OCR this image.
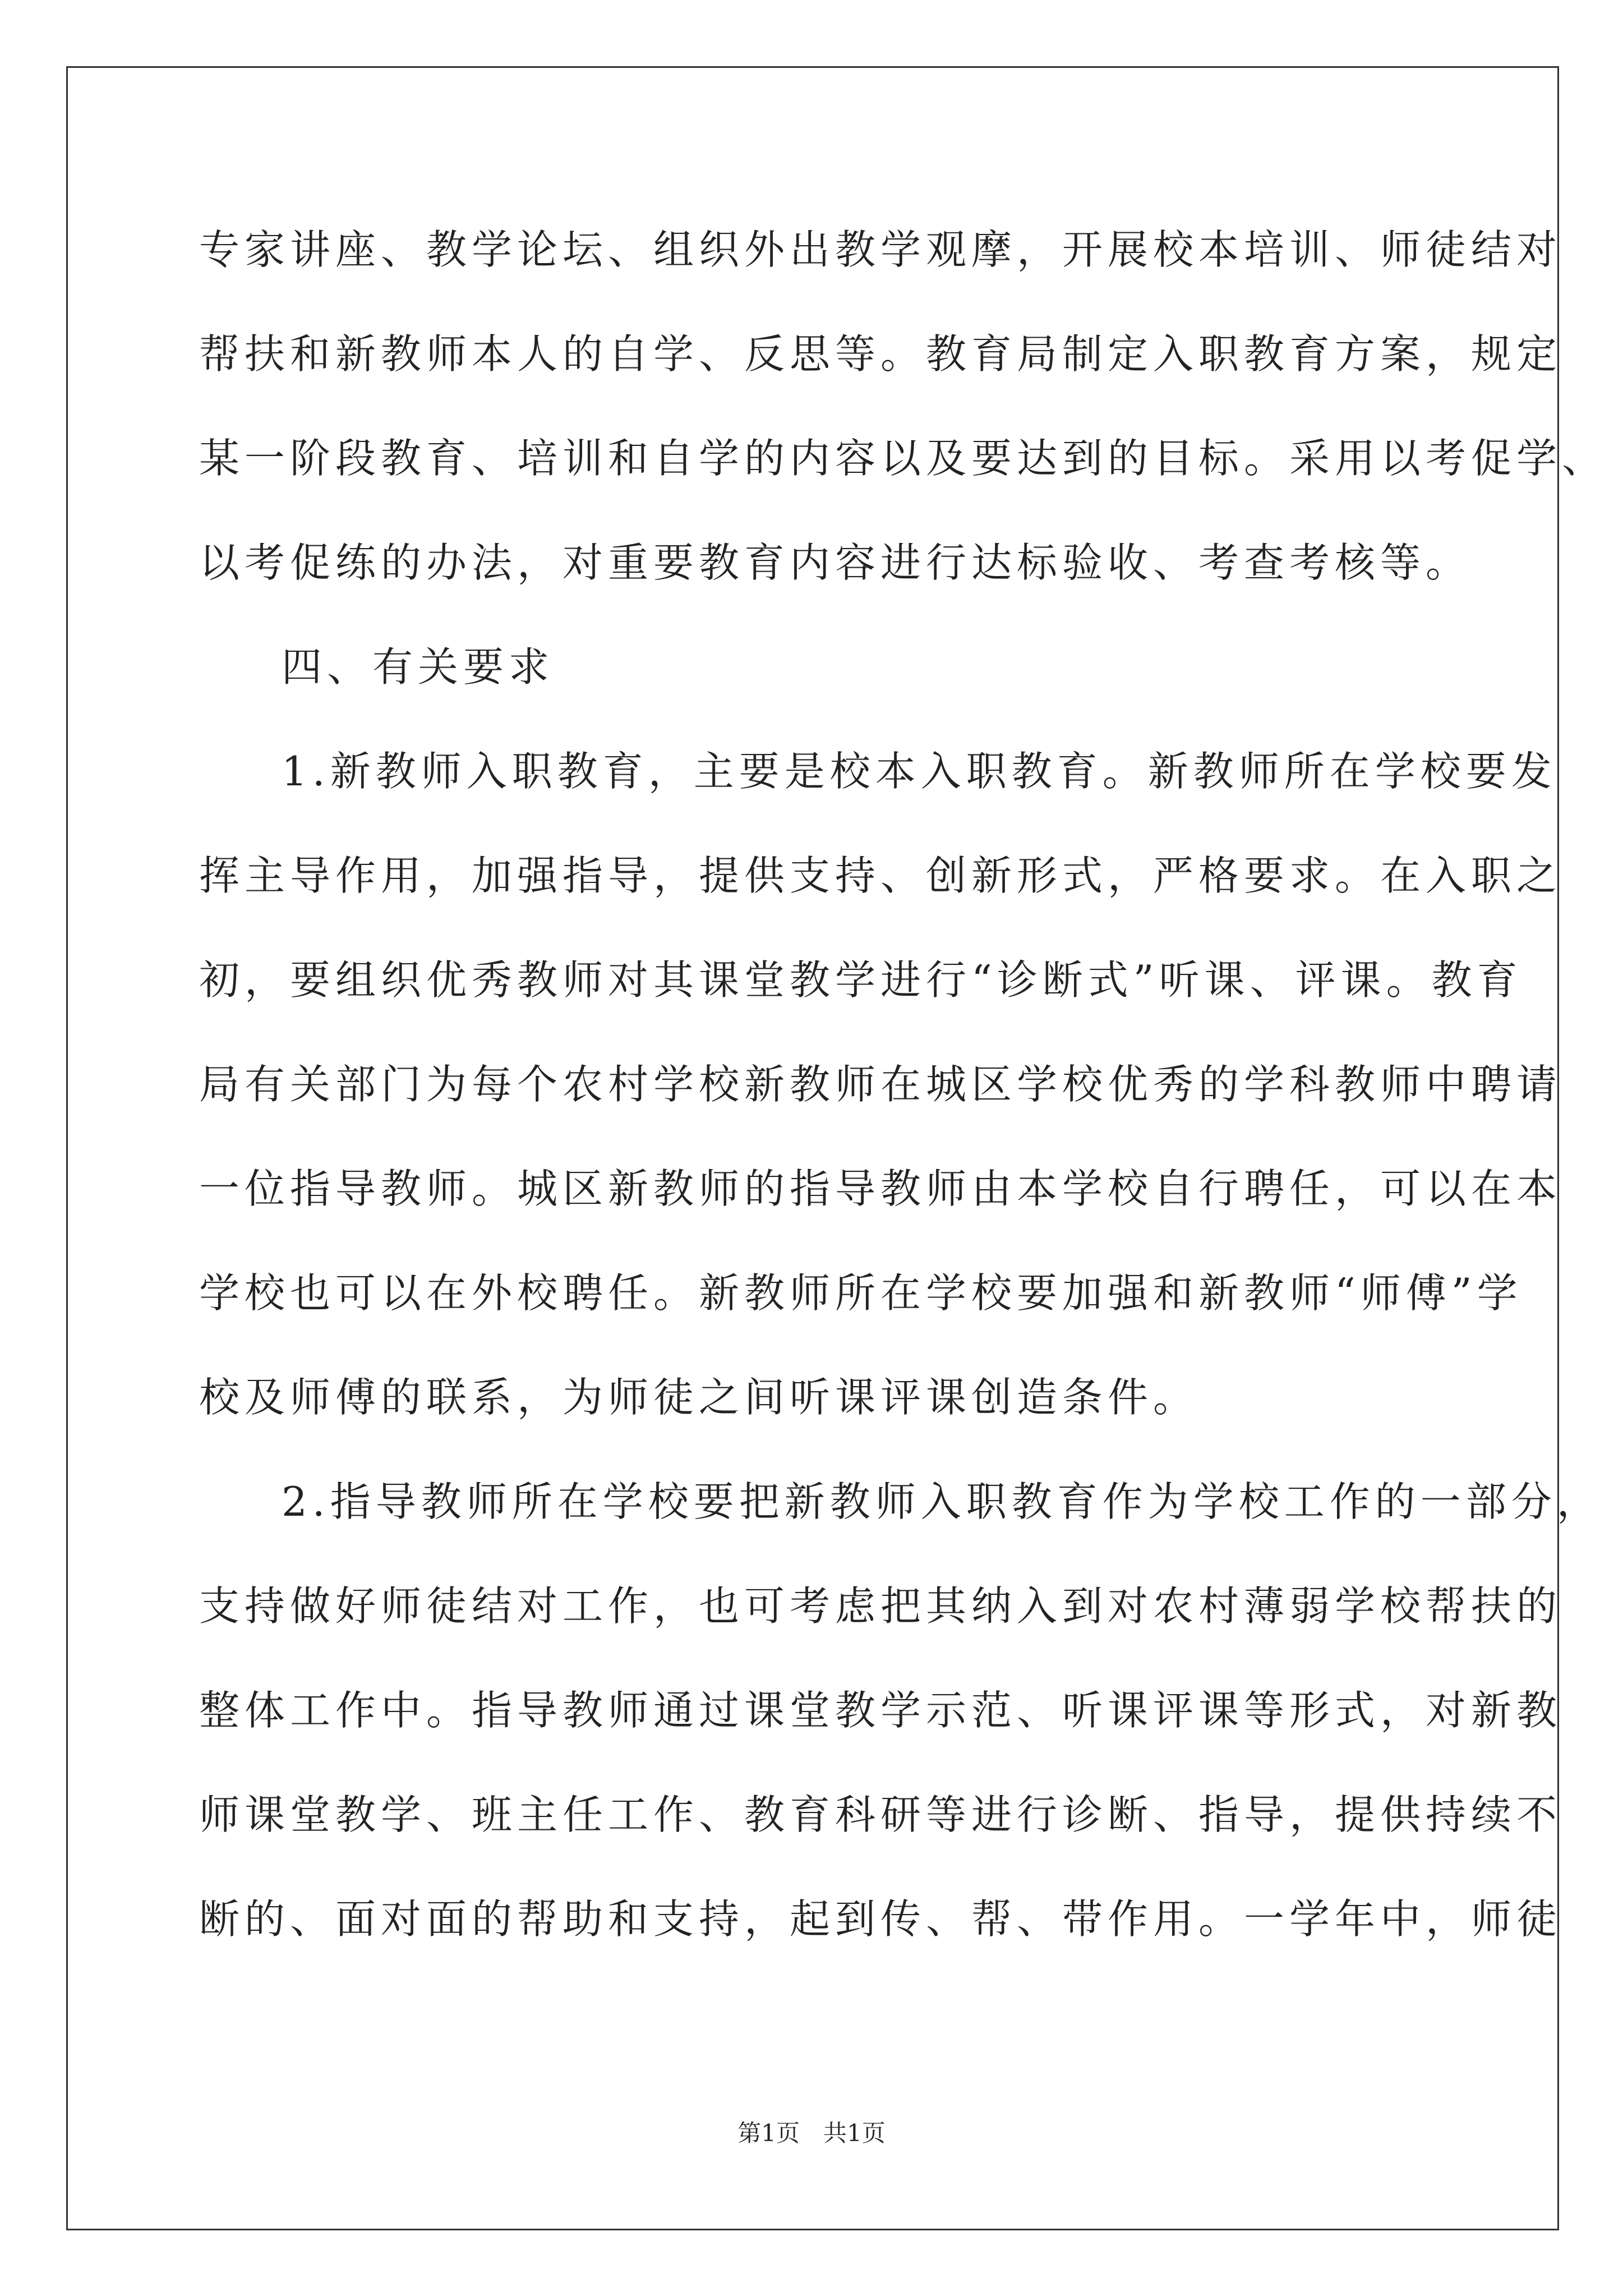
专家讲座、教学论坛、组织外出教学观摩，开展校本培训、师徒结对
帮扶和新教师本人的自学、反思等。教育局制定入职教育方案，规定
某一阶段教育、培训和自学的内容以及要达到的目标。采用以考促学、
以考促练的办法，对重要教育内容进行达标验收、考查考核等。
四、有关要求
1.新教师入职教育，主要是校本入职教育。新教师所在学校要发
挥主导作用，加强指导，提供支持、创新形式，严格要求。在入职之
初，要组织优秀教师对其课堂教学进行“诊断式”听课、评课。教育
局有关部门为每个农村学校新教师在城区学校优秀的学科教师中聘请
一位指导教师。城区新教师的指导教师由本学校自行聘任，可以在本
学校也可以在外校聘任。新教师所在学校要加强和新教师“师傅”学
校及师傅的联系，为师徒之间听课评课创造条件。
2.指导教师所在学校要把新教师入职教育作为学校工作的一部分，
支持做好师徒结对工作，也可考虑把其纳入到对农村薄弱学校帮扶的
整体工作中。指导教师通过课堂教学示范、听课评课等形式，对新教
师课堂教学、班主任工作、教育科研等进行诊断、指导，提供持续不
断的、面对面的帮助和支持，起到传、帮、带作用。一学年中，师徒
第1页　共1页
